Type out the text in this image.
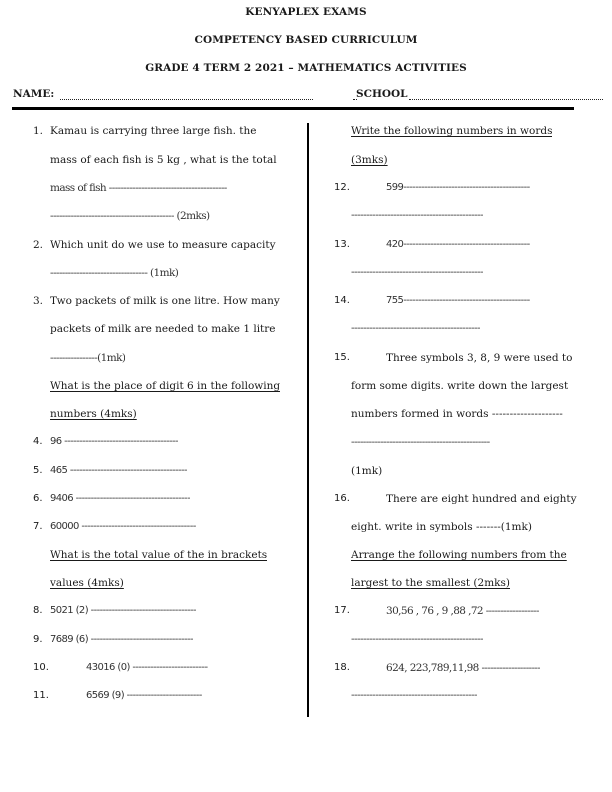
KENYAPLEX EXAMS
COMPETENCY BASED CURRICULUM
GRADE 4 TERM 2 2021 – MATHEMATICS ACTIVITIES
NAME:	SCHOOL
1. Kamau is carrying three large fish. the
mass of each fish is 5 kg , what is the total
mass of fish ----------------------------------------
------------------------------------------ (2mks)
2. Which unit do we use to measure capacity
--------------------------------- (1mk)
3. Two packets of milk is one litre. How many
packets of milk are needed to make 1 litre
----------------(1mk)
What is the place of digit 6 in the following
numbers (4mks)
4. 96 --------------------------------------
5. 465 ---------------------------------------
6. 9406 --------------------------------------
7. 60000 --------------------------------------
What is the total value of the in brackets
values (4mks)
8. 5021 (2) -----------------------------------
9. 7689 (6) ----------------------------------
10.	43016 (0) -------------------------
11.	6569 (9) -------------------------
Write the following numbers in words
(3mks)
12.	599------------------------------------------
--------------------------------------------
13.	420------------------------------------------
--------------------------------------------
14.	755------------------------------------------
-------------------------------------------
15.	Three symbols 3, 8, 9 were used to
form some digits. write down the largest
numbers formed in words --------------------
-----------------------------------------------
(1mk)
16.	There are eight hundred and eighty
eight. write in symbols -------(1mk)
Arrange the following numbers from the
largest to the smallest (2mks)
17.	30,56 , 76 , 9 ,88 ,72 ------------------
--------------------------------------------
18.	624, 223,789,11,98 --------------------
------------------------------------------
